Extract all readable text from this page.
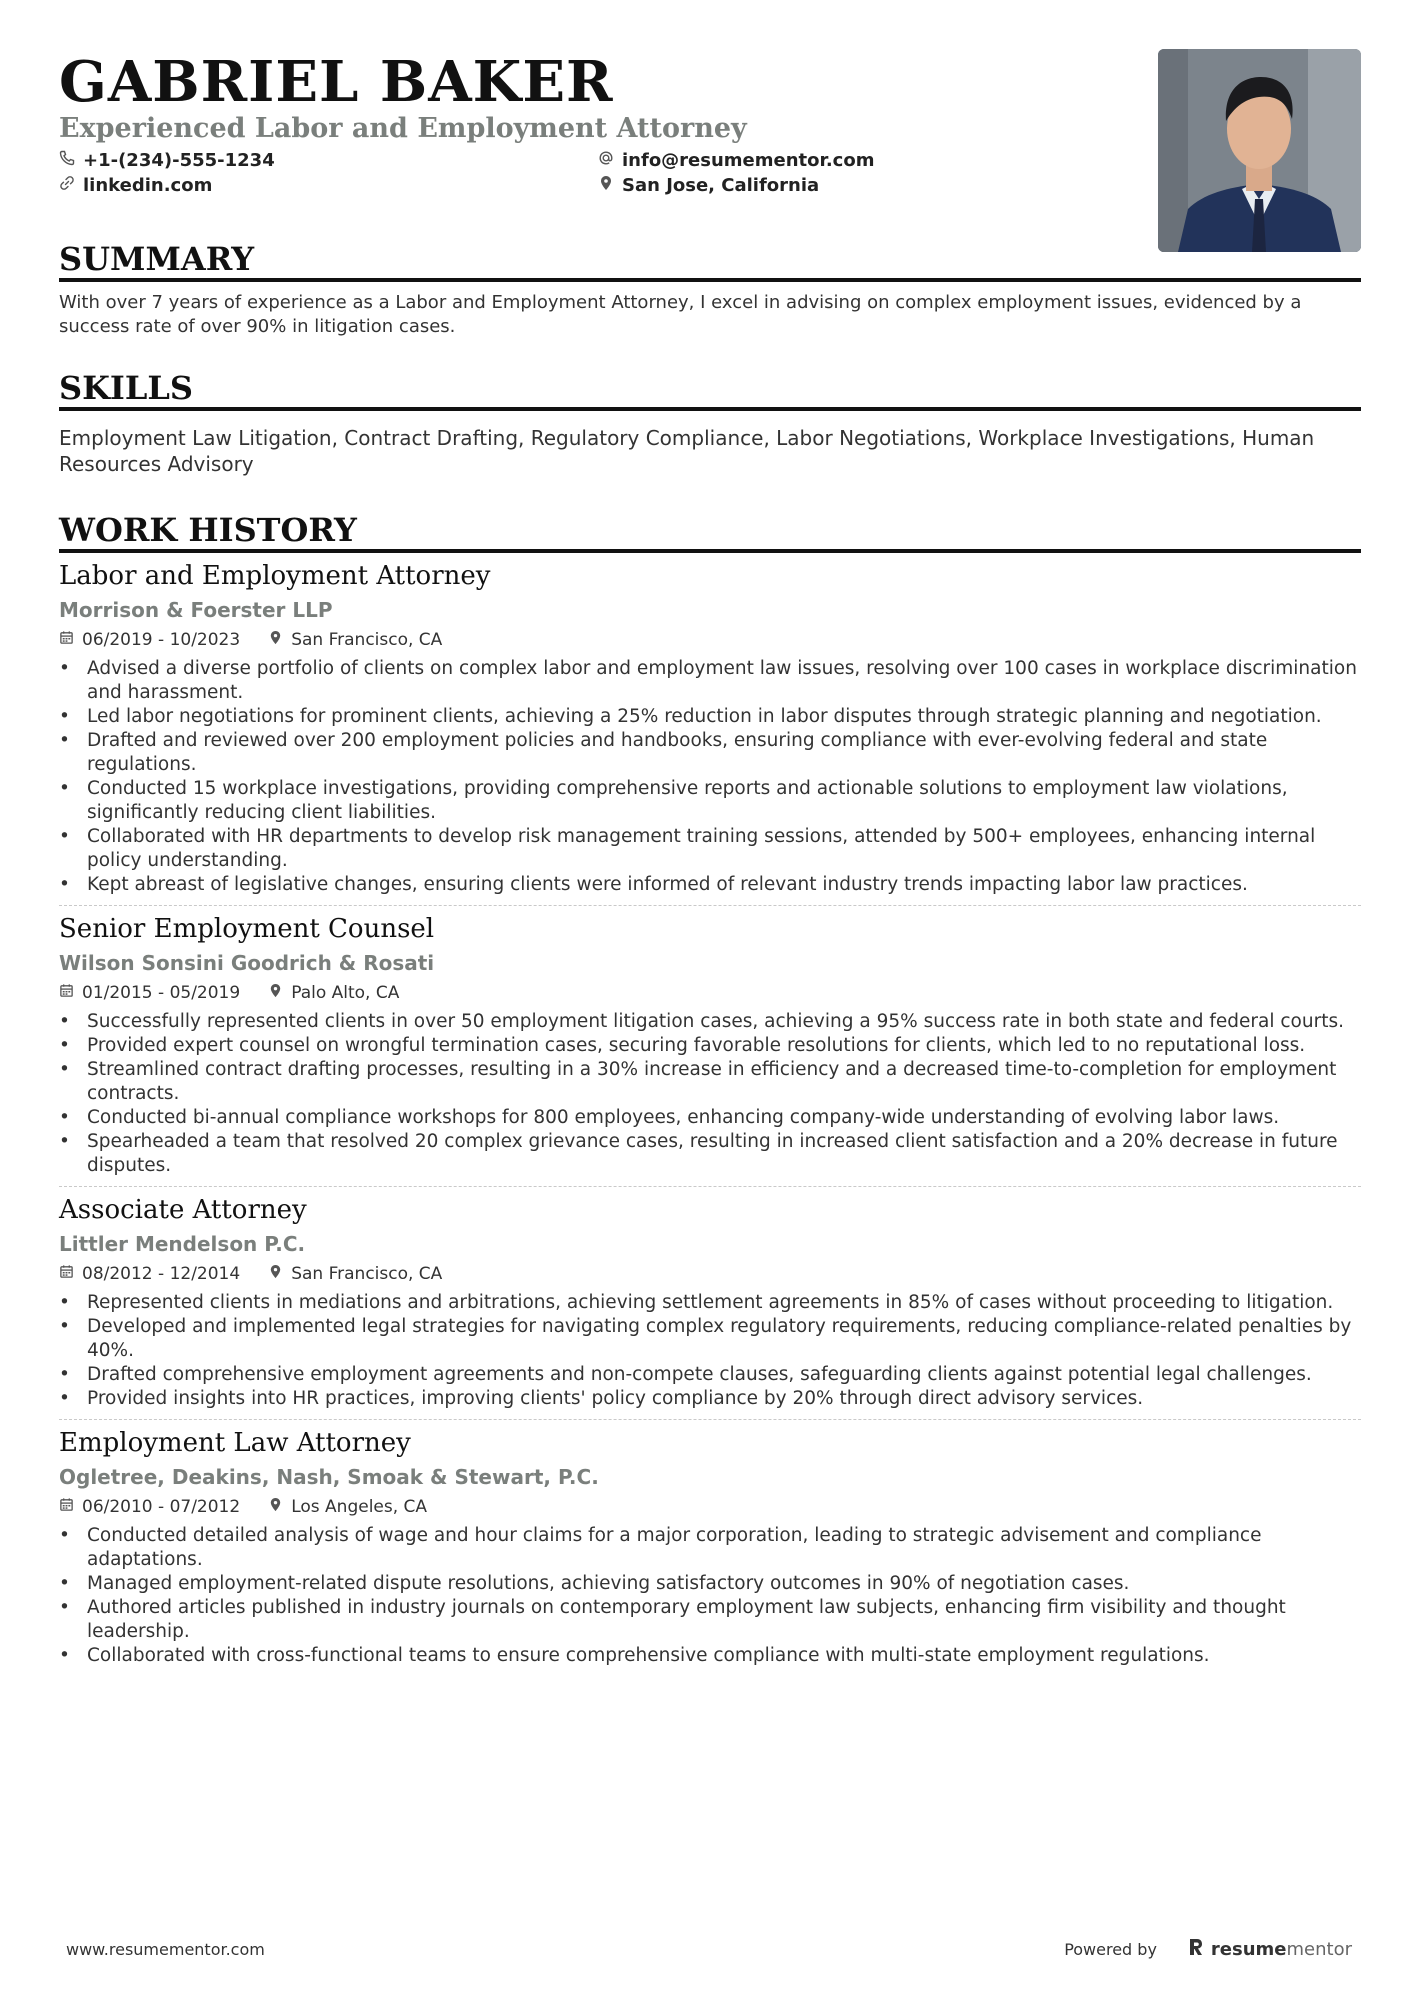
GABRIEL BAKER
Experienced Labor and Employment Attorney
+1-(234)-555-1234	info@resumementor.com
linkedin.com	San Jose, California
SUMMARY
With over 7 years of experience as a Labor and Employment Attorney, I excel in advising on complex employment issues, evidenced by a success rate of over 90% in litigation cases.
SKILLS
Employment Law Litigation, Contract Drafting, Regulatory Compliance, Labor Negotiations, Workplace Investigations, Human Resources Advisory
WORK HISTORY
Labor and Employment Attorney
Morrison & Foerster LLP
06/2019 - 10/2023	San Francisco, CA
• Advised a diverse portfolio of clients on complex labor and employment law issues, resolving over 100 cases in workplace discrimination and harassment.
• Led labor negotiations for prominent clients, achieving a 25% reduction in labor disputes through strategic planning and negotiation.
• Drafted and reviewed over 200 employment policies and handbooks, ensuring compliance with ever-evolving federal and state regulations.
• Conducted 15 workplace investigations, providing comprehensive reports and actionable solutions to employment law violations, significantly reducing client liabilities.
• Collaborated with HR departments to develop risk management training sessions, attended by 500+ employees, enhancing internal policy understanding.
• Kept abreast of legislative changes, ensuring clients were informed of relevant industry trends impacting labor law practices.
Senior Employment Counsel
Wilson Sonsini Goodrich & Rosati
01/2015 - 05/2019	Palo Alto, CA
• Successfully represented clients in over 50 employment litigation cases, achieving a 95% success rate in both state and federal courts.
• Provided expert counsel on wrongful termination cases, securing favorable resolutions for clients, which led to no reputational loss.
• Streamlined contract drafting processes, resulting in a 30% increase in efficiency and a decreased time-to-completion for employment contracts.
• Conducted bi-annual compliance workshops for 800 employees, enhancing company-wide understanding of evolving labor laws.
• Spearheaded a team that resolved 20 complex grievance cases, resulting in increased client satisfaction and a 20% decrease in future disputes.
Associate Attorney
Littler Mendelson P.C.
08/2012 - 12/2014	San Francisco, CA
• Represented clients in mediations and arbitrations, achieving settlement agreements in 85% of cases without proceeding to litigation.
• Developed and implemented legal strategies for navigating complex regulatory requirements, reducing compliance-related penalties by 40%.
• Drafted comprehensive employment agreements and non-compete clauses, safeguarding clients against potential legal challenges.
• Provided insights into HR practices, improving clients' policy compliance by 20% through direct advisory services.
Employment Law Attorney
Ogletree, Deakins, Nash, Smoak & Stewart, P.C.
06/2010 - 07/2012	Los Angeles, CA
• Conducted detailed analysis of wage and hour claims for a major corporation, leading to strategic advisement and compliance adaptations.
• Managed employment-related dispute resolutions, achieving satisfactory outcomes in 90% of negotiation cases.
• Authored articles published in industry journals on contemporary employment law subjects, enhancing firm visibility and thought leadership.
• Collaborated with cross-functional teams to ensure comprehensive compliance with multi-state employment regulations.
www.resumementor.com	Powered by	resume mentor
